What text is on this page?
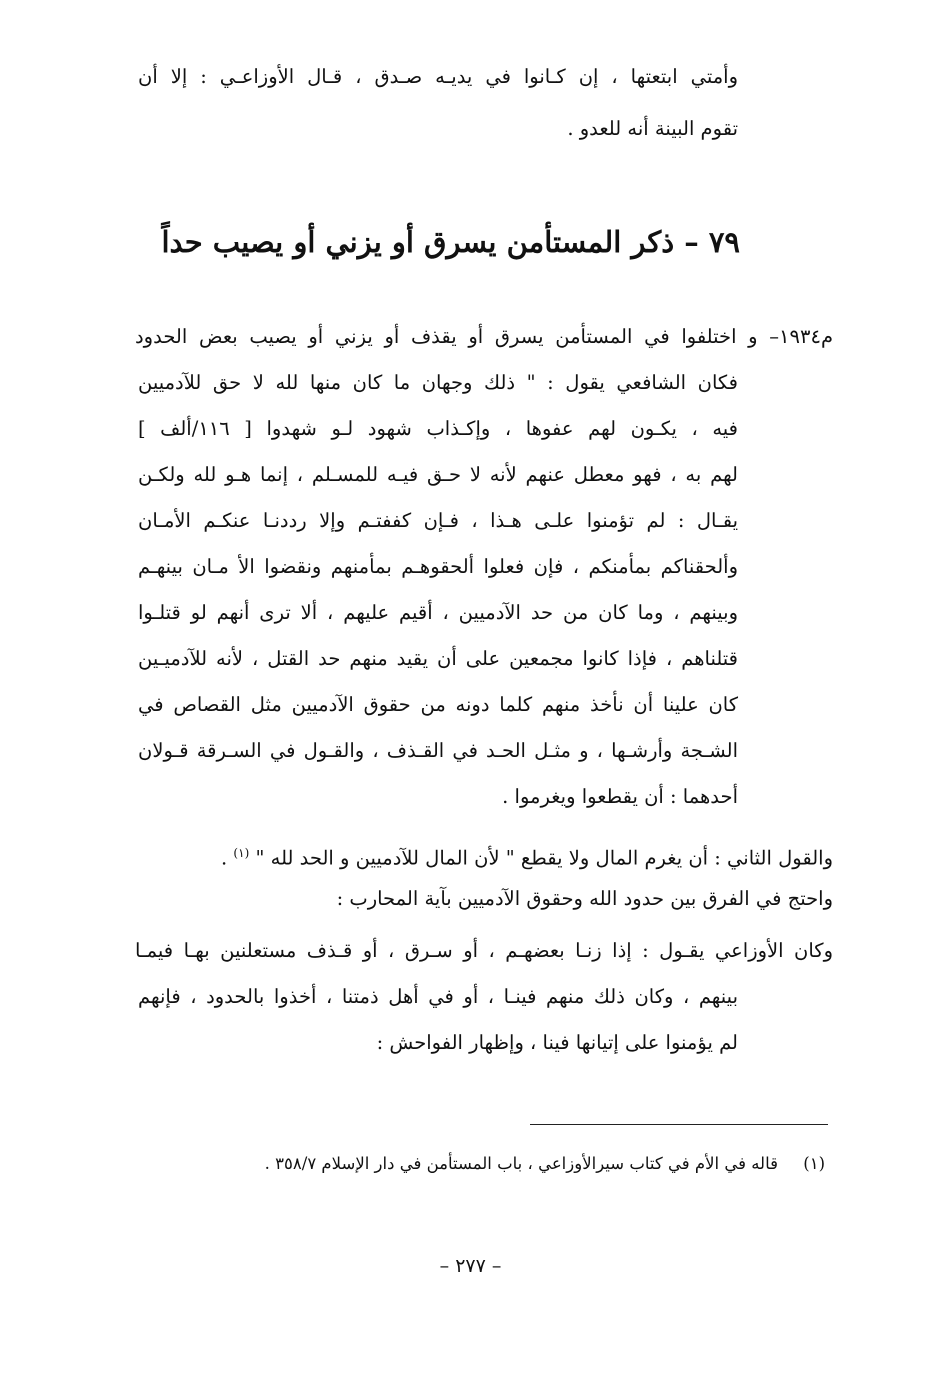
وأمتي ابتعتها ، إن كـانوا في يديـه صـدق ، قـال الأوزاعـي : إلا أن
تقوم البينة أنه للعدو .
٧٩ – ذكر المستأمن يسرق أو يزني أو يصيب حداً
م١٩٣٤– و اختلفوا في المستأمن يسرق أو يقذف أو يزني أو يصيب بعض الحدود
فكان الشافعي يقول : " ذلك وجهان ما كان منها لله لا حق للآدميين
فيه ، يكـون لهم عفوها ، وإكـذاب شهود لـو شهدوا [ ١١٦/ألف ]
لهم به ، فهو معطل عنهم لأنه لا حـق فيـه للمسـلم ، إنما هـو لله ولكـن
يقـال : لم تؤمنوا علـى هـذا ، فـإن كففتـم وإلا رددنـا عنكـم الأمـان
وألحقناكم بمأمنكم ، فإن فعلوا ألحقوهـم بمأمنهم ونقضوا الأ مـان بينهـم
وبينهم ، وما كان من حد الآدميين ، أقيم عليهم ، ألا ترى أنهم لو قتلـوا
قتلناهم ، فإذا كانوا مجمعين على أن يقيد منهم حد القتل ، لأنه للآدميـين
كان علينا أن نأخذ منهم كلما دونه من حقوق الآدميين مثل القصاص في
الشـجة وأرشـها ، و مثـل الحـد في القـذف ، والقـول في السـرقة قـولان
أحدهما : أن يقطعوا ويغرموا .
والقول الثاني : أن يغرم المال ولا يقطع " لأن المال للآدميين و الحد لله " $^{(١)}$ .
واحتج في الفرق بين حدود الله وحقوق الآدميين بآية المحارب :
وكان الأوزاعي يقـول : إذا زنـا بعضهـم ، أو سـرق ، أو قـذف مستعلنين بهـا فيمـا
بينهم ، وكان ذلك منهم فينـا ، أو في أهل ذمتنا ، أخذوا بالحدود ، فإنهم
لم يؤمنوا على إتيانها فينا ، وإظهار الفواحش :
(١) قاله في الأم في كتاب سيرالأوزاعي ، باب المستأمن في دار الإسلام ٣٥٨/٧ .
– ٢٧٧ –
